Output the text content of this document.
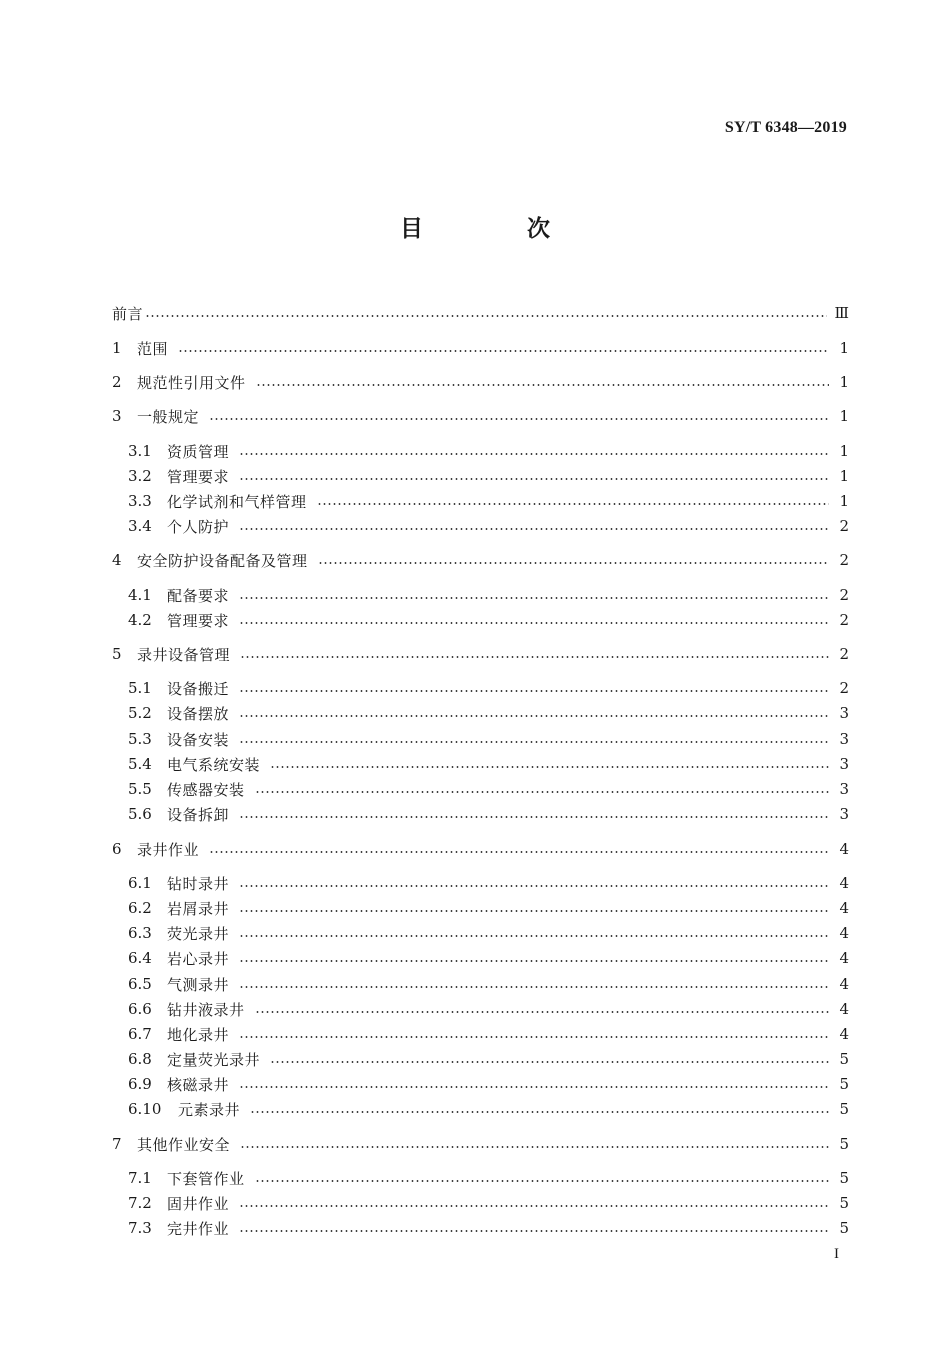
SY/T 6348—2019
目 次
前言	Ⅲ
1	范围	1
2	规范性引用文件	1
3	一般规定	1
3.1	资质管理	1
3.2	管理要求	1
3.3	化学试剂和气样管理	1
3.4	个人防护	2
4	安全防护设备配备及管理	2
4.1	配备要求	2
4.2	管理要求	2
5	录井设备管理	2
5.1	设备搬迁	2
5.2	设备摆放	3
5.3	设备安装	3
5.4	电气系统安装	3
5.5	传感器安装	3
5.6	设备拆卸	3
6	录井作业	4
6.1	钻时录井	4
6.2	岩屑录井	4
6.3	荧光录井	4
6.4	岩心录井	4
6.5	气测录井	4
6.6	钻井液录井	4
6.7	地化录井	4
6.8	定量荧光录井	5
6.9	核磁录井	5
6.10	元素录井	5
7	其他作业安全	5
7.1	下套管作业	5
7.2	固井作业	5
7.3	完井作业	5
I
